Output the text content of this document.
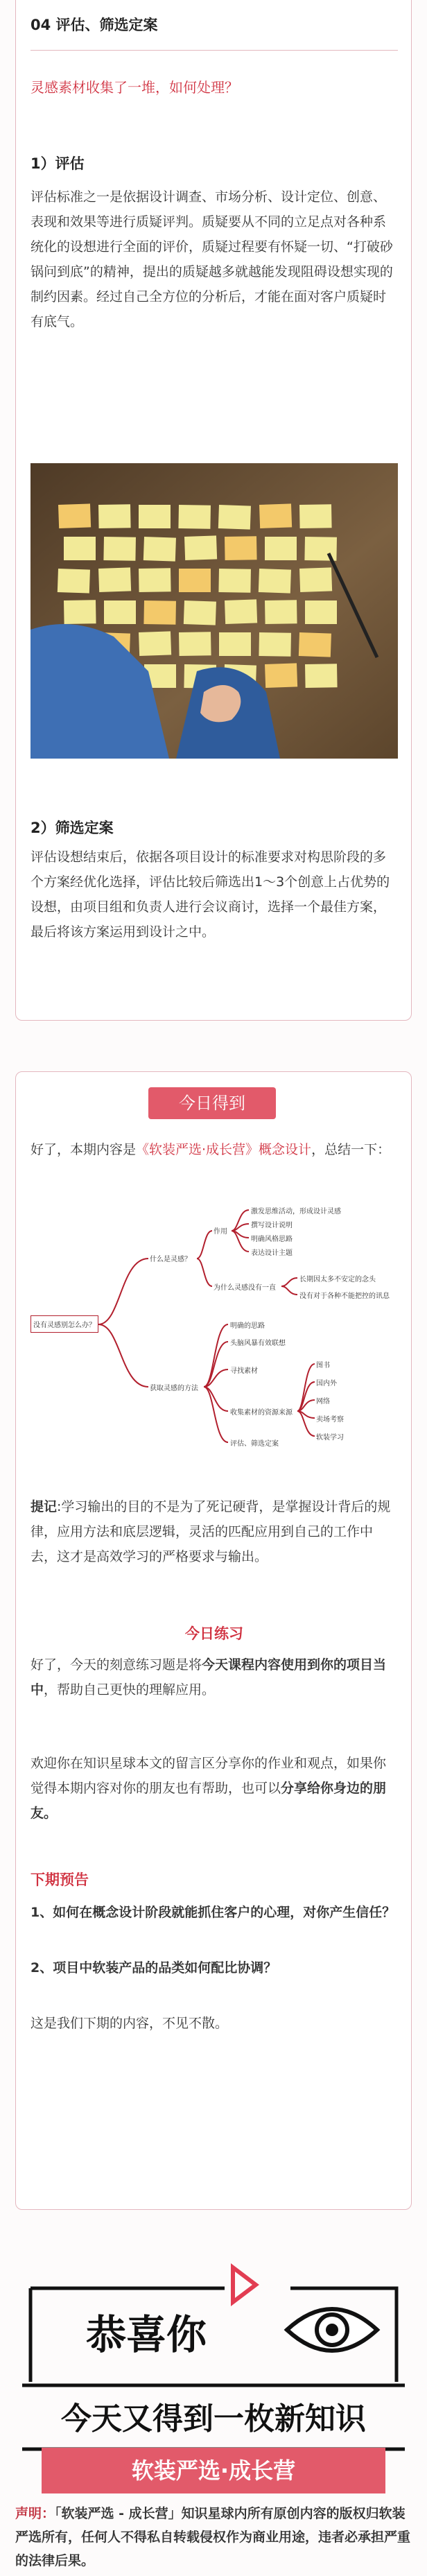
04 评估、筛选定案
灵感素材收集了一堆，如何处理？
1）评估
评估标准之一是依据设计调查、市场分析、设计定位、创意、表现和效果等进行质疑评判。质疑要从不同的立足点对各种系统化的设想进行全面的评价，质疑过程要有怀疑一切、“打破砂锅问到底”的精神，提出的质疑越多就越能发现阻碍设想实现的制约因素。经过自己全方位的分析后，才能在面对客户质疑时有底气。
2）筛选定案
评估设想结束后，依据各项目设计的标准要求对构思阶段的多个方案经优化选择，评估比较后筛选出1～3个创意上占优势的设想，由项目组和负责人进行会议商讨，选择一个最佳方案，最后将该方案运用到设计之中。
今日得到
好了，本期内容是《软装严选·成长营》概念设计，总结一下：
没有灵感别怎么办？
什么是灵感？
作用
激发思维活动，形成设计灵感
撰写设计说明
明确风格思路
表达设计主题
为什么灵感没有一直
长期因太多不安定的念头
没有对于各种不能把控的讯息
获取灵感的方法
明确的思路
头脑风暴有效联想
寻找素材
收集素材的资源来源
评估、筛选定案
图书
国内外
网络
卖场考察
软装学习
提记:学习输出的目的不是为了死记硬背，是掌握设计背后的规律，应用方法和底层逻辑，灵活的匹配应用到自己的工作中去，这才是高效学习的严格要求与输出。
今日练习
好了，今天的刻意练习题是将今天课程内容使用到你的项目当中，帮助自己更快的理解应用。
欢迎你在知识星球本文的留言区分享你的作业和观点，如果你觉得本期内容对你的朋友也有帮助，也可以分享给你身边的朋友。
下期预告
1、如何在概念设计阶段就能抓住客户的心理，对你产生信任？
2、项目中软装产品的品类如何配比协调？
这是我们下期的内容，不见不散。
恭喜你
今天又得到一枚新知识
软装严选·成长营
声明：「软装严选 - 成长营」知识星球内所有原创内容的版权归软装严选所有，任何人不得私自转载侵权作为商业用途，违者必承担严重的法律后果。
